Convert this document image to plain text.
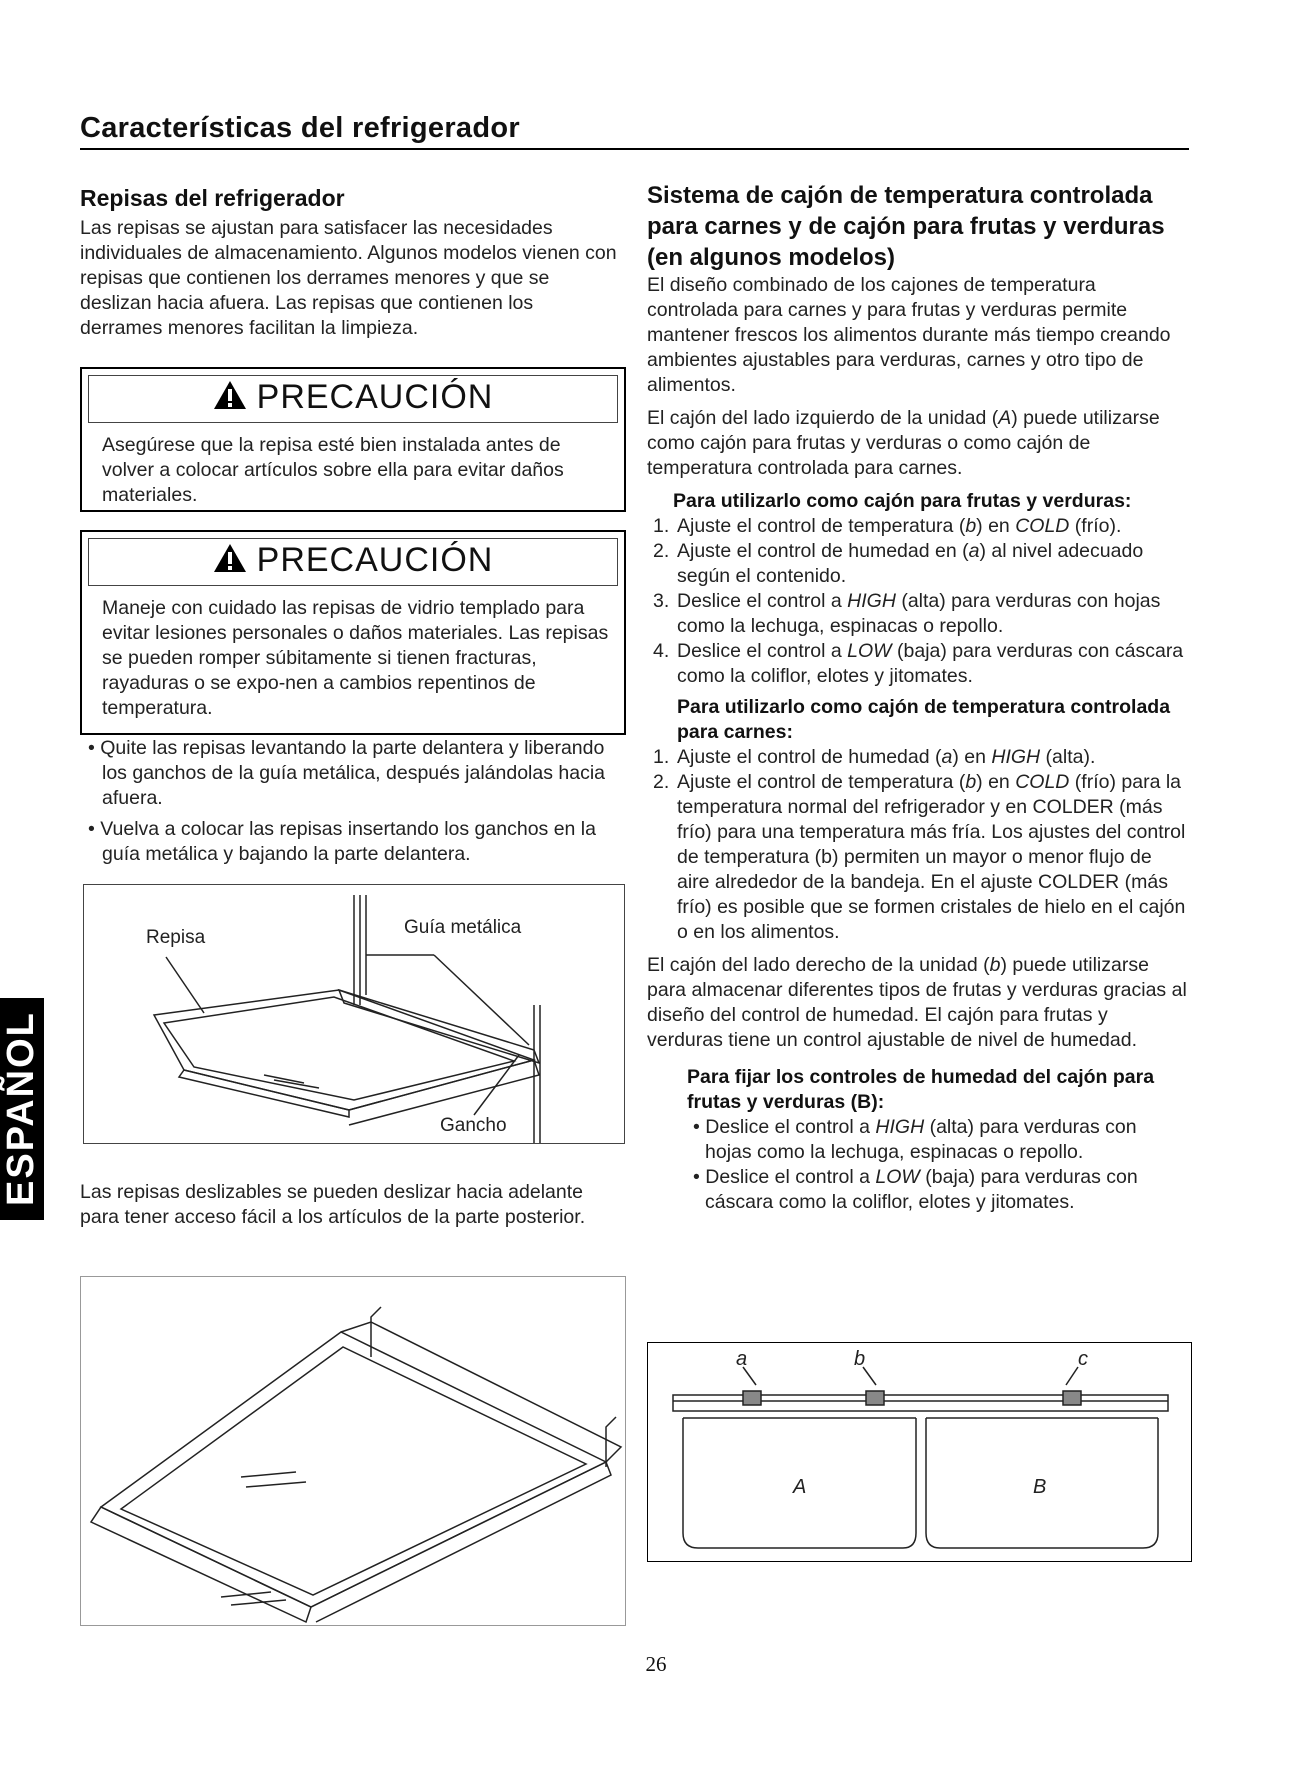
Características del refrigerador
ESPAÑOL
Repisas del refrigerador
Las repisas se ajustan para satisfacer las necesidades individuales de almacenamiento. Algunos modelos vienen con repisas que contienen los derrames menores y que se deslizan hacia afuera. Las repisas que contienen los derrames menores facilitan la limpieza.
PRECAUCIÓN
Asegúrese que la repisa esté bien instalada antes de volver a colocar artículos sobre ella para evitar daños materiales.
PRECAUCIÓN
Maneje con cuidado las repisas de vidrio templado para evitar lesiones personales o daños materiales. Las repisas se pueden romper súbitamente si tienen fracturas, rayaduras o se expo-nen a cambios repentinos de temperatura.
• Quite las repisas levantando la parte delantera y liberando los ganchos de la guía metálica, después jalándolas hacia afuera.
• Vuelva a colocar las repisas insertando los ganchos en la guía metálica y bajando la parte delantera.
Repisa	Guía metálica
Gancho
Las repisas deslizables se pueden deslizar hacia adelante para tener acceso fácil a los artículos de la parte posterior.
Sistema de cajón de temperatura controlada para carnes y de cajón para frutas y verduras (en algunos modelos)
El diseño combinado de los cajones de temperatura controlada para carnes y para frutas y verduras permite mantener frescos los alimentos durante más tiempo creando ambientes ajustables para verduras, carnes y otro tipo de alimentos.
El cajón del lado izquierdo de la unidad (A) puede utilizarse como cajón para frutas y verduras o como cajón de temperatura controlada para carnes.
Para utilizarlo como cajón para frutas y verduras:
1. Ajuste el control de temperatura (b) en COLD (frío).
2. Ajuste el control de humedad en (a) al nivel adecuado según el contenido.
3. Deslice el control a HIGH (alta) para verduras con hojas como la lechuga, espinacas o repollo.
4. Deslice el control a LOW (baja) para verduras con cáscara como la coliflor, elotes y jitomates.
Para utilizarlo como cajón de temperatura controlada para carnes:
1. Ajuste el control de humedad (a) en HIGH (alta).
2. Ajuste el control de temperatura (b) en COLD (frío) para la temperatura normal del refrigerador y en COLDER (más frío) para una temperatura más fría. Los ajustes del control de temperatura (b) permiten un mayor o menor flujo de aire alrededor de la bandeja. En el ajuste COLDER (más frío) es posible que se formen cristales de hielo en el cajón o en los alimentos.
El cajón del lado derecho de la unidad (b) puede utilizarse para almacenar diferentes tipos de frutas y verduras gracias al diseño del control de humedad. El cajón para frutas y verduras tiene un control ajustable de nivel de humedad.
Para fijar los controles de humedad del cajón para frutas y verduras (B):
• Deslice el control a HIGH (alta) para verduras con hojas como la lechuga, espinacas o repollo.
• Deslice el control a LOW (baja) para verduras con cáscara como la coliflor, elotes y jitomates.
a	b	c
A	B
26
